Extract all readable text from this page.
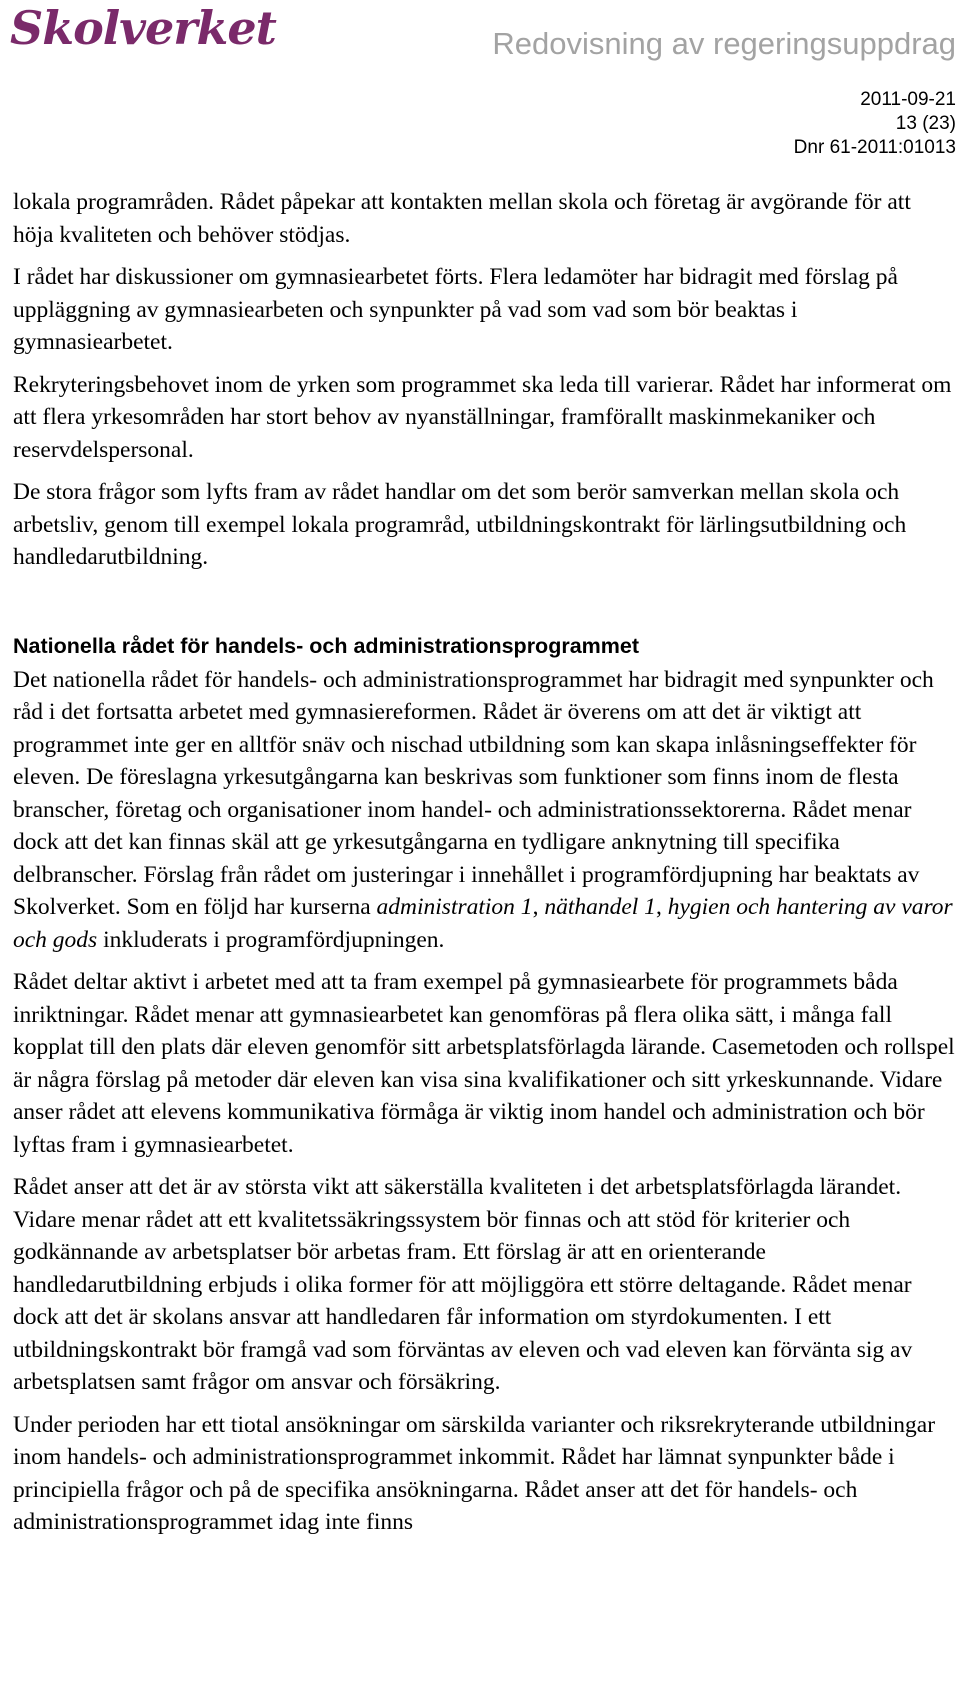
Skolverket	Redovisning av regeringsuppdrag
2011-09-21
13 (23)
Dnr 61-2011:01013

lokala programråden. Rådet påpekar att kontakten mellan skola och företag är avgörande för att höja kvaliteten och behöver stödjas.

I rådet har diskussioner om gymnasiearbetet förts. Flera ledamöter har bidragit med förslag på uppläggning av gymnasiearbeten och synpunkter på vad som vad som bör beaktas i gymnasiearbetet.

Rekryteringsbehovet inom de yrken som programmet ska leda till varierar. Rådet har informerat om att flera yrkesområden har stort behov av nyanställningar, framförallt maskinmekaniker och reservdelspersonal.

De stora frågor som lyfts fram av rådet handlar om det som berör samverkan mellan skola och arbetsliv, genom till exempel lokala programråd, utbildningskontrakt för lärlingsutbildning och handledarutbildning.

Nationella rådet för handels- och administrationsprogrammet

Det nationella rådet för handels- och administrationsprogrammet har bidragit med synpunkter och råd i det fortsatta arbetet med gymnasiereformen. Rådet är överens om att det är viktigt att programmet inte ger en alltför snäv och nischad utbildning som kan skapa inlåsningseffekter för eleven. De föreslagna yrkesutgångarna kan beskrivas som funktioner som finns inom de flesta branscher, företag och organisationer inom handel- och administrationssektorerna. Rådet menar dock att det kan finnas skäl att ge yrkesutgångarna en tydligare anknytning till specifika delbranscher. Förslag från rådet om justeringar i innehållet i programfördjupning har beaktats av Skolverket. Som en följd har kurserna administration 1, näthandel 1, hygien och hantering av varor och gods inkluderats i programfördjupningen.

Rådet deltar aktivt i arbetet med att ta fram exempel på gymnasiearbete för programmets båda inriktningar. Rådet menar att gymnasiearbetet kan genomföras på flera olika sätt, i många fall kopplat till den plats där eleven genomför sitt arbetsplatsförlagda lärande. Casemetoden och rollspel är några förslag på metoder där eleven kan visa sina kvalifikationer och sitt yrkeskunnande. Vidare anser rådet att elevens kommunikativa förmåga är viktig inom handel och administration och bör lyftas fram i gymnasiearbetet.

Rådet anser att det är av största vikt att säkerställa kvaliteten i det arbetsplatsförlagda lärandet. Vidare menar rådet att ett kvalitetssäkringssystem bör finnas och att stöd för kriterier och godkännande av arbetsplatser bör arbetas fram. Ett förslag är att en orienterande handledarutbildning erbjuds i olika former för att möjliggöra ett större deltagande. Rådet menar dock att det är skolans ansvar att handledaren får information om styrdokumenten. I ett utbildningskontrakt bör framgå vad som förväntas av eleven och vad eleven kan förvänta sig av arbetsplatsen samt frågor om ansvar och försäkring.

Under perioden har ett tiotal ansökningar om särskilda varianter och riksrekryterande utbildningar inom handels- och administrationsprogrammet inkommit. Rådet har lämnat synpunkter både i principiella frågor och på de specifika ansökningarna. Rådet anser att det för handels- och administrationsprogrammet idag inte finns
